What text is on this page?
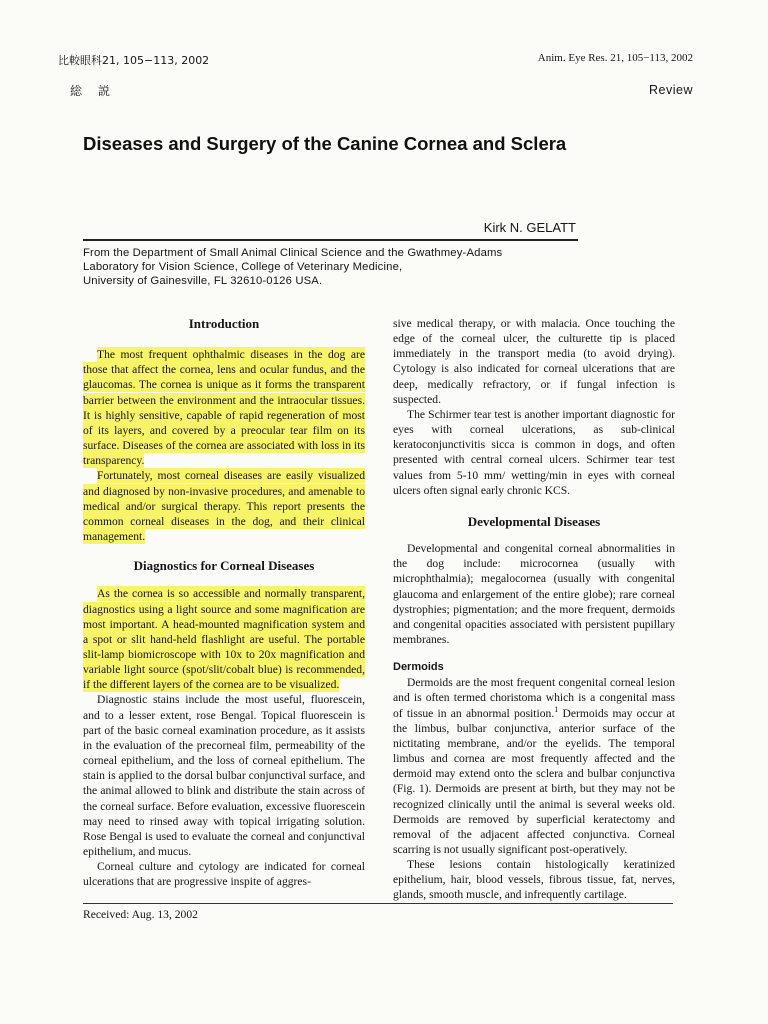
比較眼科21, 105−113, 2002	Anim. Eye Res. 21, 105−113, 2002
総 説	Review
Diseases and Surgery of the Canine Cornea and Sclera
Kirk N. GELATT
From the Department of Small Animal Clinical Science and the Gwathmey-Adams
Laboratory for Vision Science, College of Veterinary Medicine,
University of Gainesville, FL 32610-0126 USA.
Introduction

The most frequent ophthalmic diseases in the dog are those that affect the cornea, lens and ocular fundus, and the glaucomas. The cornea is unique as it forms the transparent barrier between the environment and the intraocular tissues. It is highly sensitive, capable of rapid regeneration of most of its layers, and covered by a preocular tear film on its surface. Diseases of the cornea are associated with loss in its transparency.

Fortunately, most corneal diseases are easily visualized and diagnosed by non-invasive procedures, and amenable to medical and/or surgical therapy. This report presents the common corneal diseases in the dog, and their clinical management.

Diagnostics for Corneal Diseases

As the cornea is so accessible and normally transparent, diagnostics using a light source and some magnification are most important. A head-mounted magnification system and a spot or slit hand-held flashlight are useful. The portable slit-lamp biomicroscope with 10x to 20x magnification and variable light source (spot/slit/cobalt blue) is recommended, if the different layers of the cornea are to be visualized.

Diagnostic stains include the most useful, fluorescein, and to a lesser extent, rose Bengal. Topical fluorescein is part of the basic corneal examination procedure, as it assists in the evaluation of the precorneal film, permeability of the corneal epithelium, and the loss of corneal epithelium. The stain is applied to the dorsal bulbar conjunctival surface, and the animal allowed to blink and distribute the stain across of the corneal surface. Before evaluation, excessive fluorescein may need to rinsed away with topical irrigating solution. Rose Bengal is used to evaluate the corneal and conjunctival epithelium, and mucus.

Corneal culture and cytology are indicated for corneal ulcerations that are progressive inspite of aggres-

sive medical therapy, or with malacia. Once touching the edge of the corneal ulcer, the culturette tip is placed immediately in the transport media (to avoid drying). Cytology is also indicated for corneal ulcerations that are deep, medically refractory, or if fungal infection is suspected.

The Schirmer tear test is another important diagnostic for eyes with corneal ulcerations, as sub-clinical keratoconjunctivitis sicca is common in dogs, and often presented with central corneal ulcers. Schirmer tear test values from 5-10 mm/ wetting/min in eyes with corneal ulcers often signal early chronic KCS.

Developmental Diseases

Developmental and congenital corneal abnormalities in the dog include: microcornea (usually with microphthalmia); megalocornea (usually with congenital glaucoma and enlargement of the entire globe); rare corneal dystrophies; pigmentation; and the more frequent, dermoids and congenital opacities associated with persistent pupillary membranes.

Dermoids

Dermoids are the most frequent congenital corneal lesion and is often termed choristoma which is a congenital mass of tissue in an abnormal position.$^1$ Dermoids may occur at the limbus, bulbar conjunctiva, anterior surface of the nictitating membrane, and/or the eyelids. The temporal limbus and cornea are most frequently affected and the dermoid may extend onto the sclera and bulbar conjunctiva (Fig. 1). Dermoids are present at birth, but they may not be recognized clinically until the animal is several weeks old. Dermoids are removed by superficial keratectomy and removal of the adjacent affected conjunctiva. Corneal scarring is not usually significant post-operatively.

These lesions contain histologically keratinized epithelium, hair, blood vessels, fibrous tissue, fat, nerves, glands, smooth muscle, and infrequently cartilage.

Received: Aug. 13, 2002
